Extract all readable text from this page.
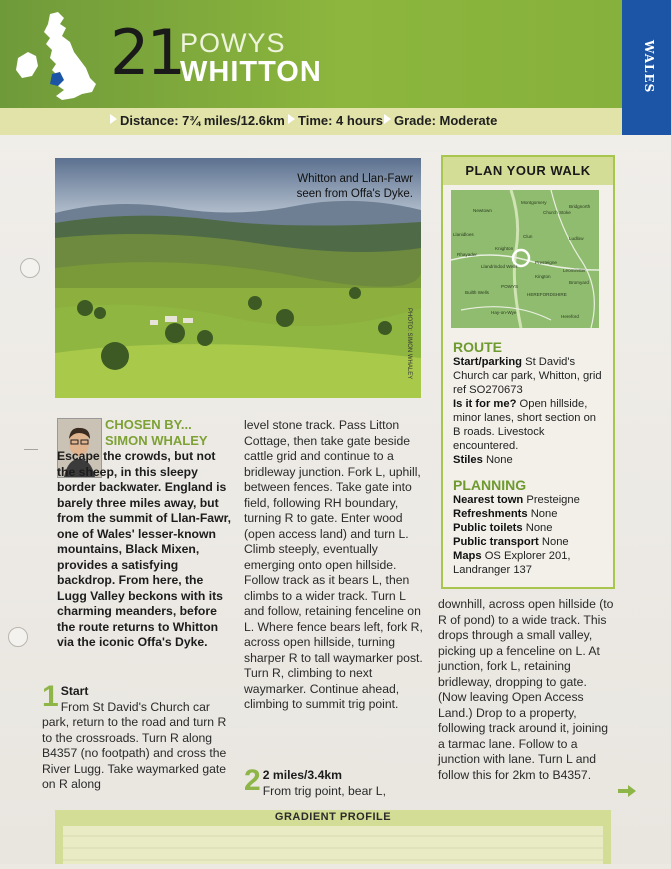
21
POWYS
WHITTON	WALES
Distance: 7¾ miles/12.6km	Time: 4 hours Grade: Moderate
Whitton and Llan-Fawr seen from Offa's Dyke.
PHOTO: SIMON WHALEY
CHOSEN BY...
SIMON WHALEY

Escape the crowds, but not the sheep, in this sleepy border backwater. England is barely three miles away, but from the summit of Llan-Fawr, one of Wales' lesser-known mountains, Black Mixen, provides a satisfying backdrop. From here, the Lugg Valley beckons with its charming meanders, before the route returns to Whitton via the iconic Offa's Dyke.

1 Start
From St David's Church car park, return to the road and turn R to the crossroads. Turn R along B4357 (no footpath) and cross the River Lugg. Take waymarked gate on R along

level stone track. Pass Litton Cottage, then take gate beside cattle grid and continue to a bridleway junction. Fork L, uphill, between fences. Take gate into field, following RH boundary, turning R to gate. Enter wood (open access land) and turn L. Climb steeply, eventually emerging onto open hillside. Follow track as it bears L, then climbs to a wider track. Turn L and follow, retaining fenceline on L. Where fence bears left, fork R, across open hillside, turning sharper R to tall waymarker post. Turn R, climbing to next waymarker. Continue ahead, climbing to summit trig point.

2 2 miles/3.4km
From trig point, bear L,

downhill, across open hillside (to R of pond) to a wide track. This drops through a small valley, picking up a fenceline on L. At junction, fork L, retaining bridleway, dropping to gate. (Now leaving Open Access Land.) Drop to a property, following track around it, joining a tarmac lane. Follow to a junction with lane. Turn L and follow this for 2km to B4357.

PLAN YOUR WALK
Newtown
Montgomery
Church Stoke
Bridgnorth
Llanidloes
Knighton
Clun	Ludlow
Rhayader
Llandrindod Wells
Presteigne
Leominster
Kington
Builth Wells
Bromyard
POWYS
HEREFORDSHIRE
Hay-on-Wye
Hereford
ROUTE

Start/parking St David's Church car park, Whitton, grid ref SO270673

Is it for me? Open hillside, minor lanes, short section on B roads. Livestock encountered.

Stiles None

PLANNING

Nearest town Presteigne

Refreshments None

Public toilets None

Public transport None

Maps OS Explorer 201, Landranger 137

GRADIENT PROFILE
